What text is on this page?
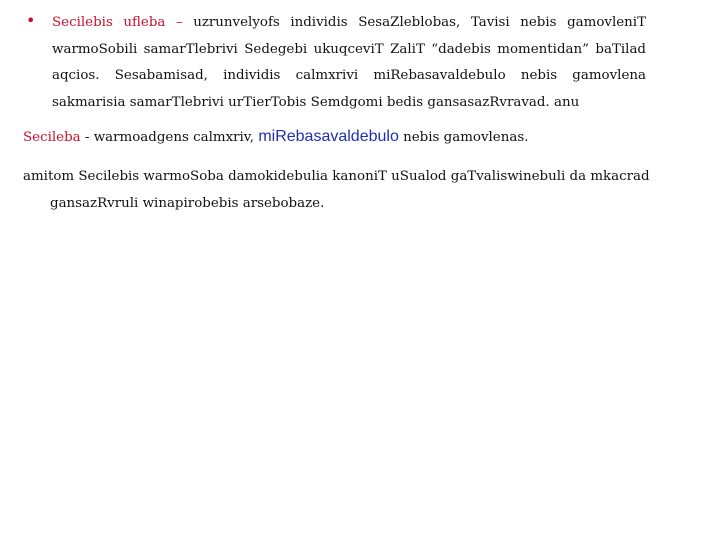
• Secilebis ufleba – uzrunvelyofs individis SesaZleblobas, Tavisi nebis gamovleniT warmoSobili samarTlebrivi Sedegebi ukuqceviT ZaliT “dadebis momentidan” baTilad aqcios. Sesabamisad, individis calmxrivi miRebasavaldebulo nebis gamovlena sakmarisia samarTlebrivi urTierTobis Semdgomi bedis gansasazRvravad. anu
Secileba - warmoadgens calmxriv, miRebasavaldebulo nebis gamovlenas.
amitom Secilebis warmoSoba damokidebulia kanoniT uSualod gaTvaliswinebuli da mkacrad gansazRvruli winapirobebis arsebobaze.
